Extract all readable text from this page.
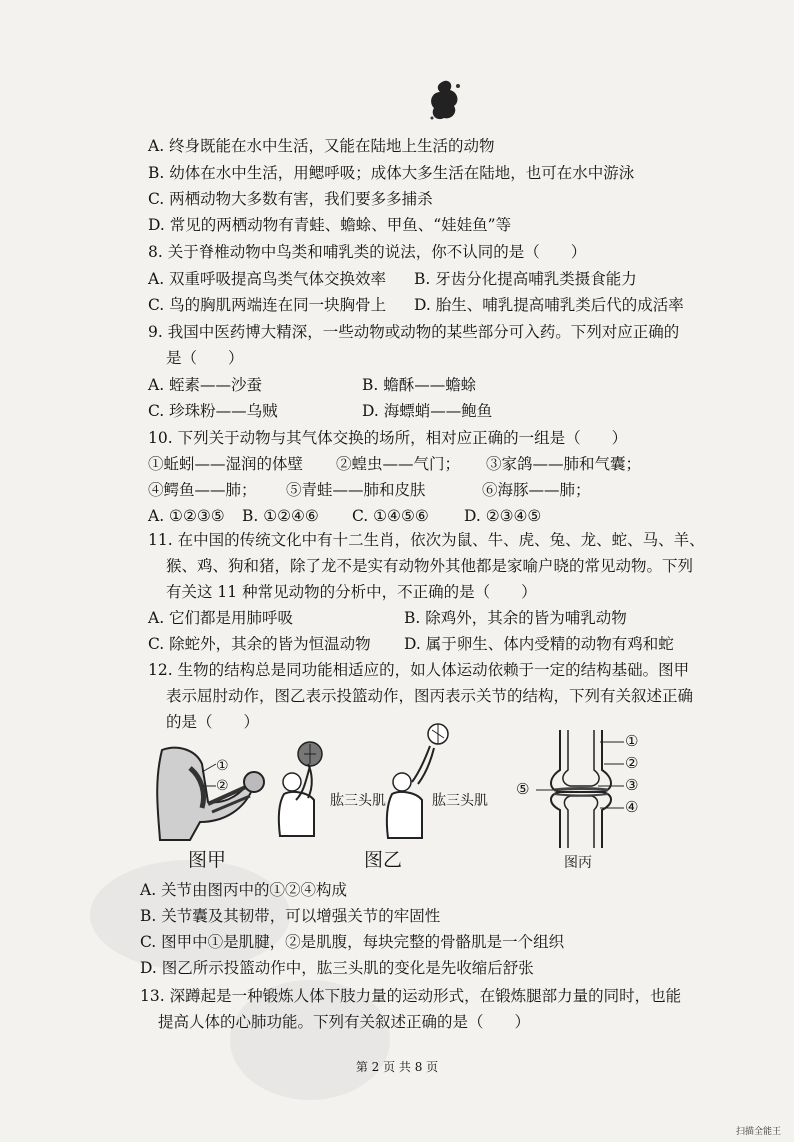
A. 终身既能在水中生活，又能在陆地上生活的动物
B. 幼体在水中生活，用鳃呼吸；成体大多生活在陆地，也可在水中游泳
C. 两栖动物大多数有害，我们要多多捕杀
D. 常见的两栖动物有青蛙、蟾蜍、甲鱼、“娃娃鱼”等
8. 关于脊椎动物中鸟类和哺乳类的说法，你不认同的是（　　）
A. 双重呼吸提高鸟类气体交换效率 B. 牙齿分化提高哺乳类摄食能力
C. 鸟的胸肌两端连在同一块胸骨上 D. 胎生、哺乳提高哺乳类后代的成活率
9. 我国中医药博大精深，一些动物或动物的某些部分可入药。下列对应正确的
是（　　）
A. 蛭素——沙蚕	B. 蟾酥——蟾蜍
C. 珍珠粉——乌贼	D. 海螵蛸——鲍鱼
10. 下列关于动物与其气体交换的场所，相对应正确的一组是（　　）
①蚯蚓——湿润的体壁 ②蝗虫——气门； ③家鸽——肺和气囊；
④鳄鱼——肺； ⑤青蛙——肺和皮肤	⑥海豚——肺；
A. ①②③⑤ B. ①②④⑥ C. ①④⑤⑥ D. ②③④⑤
11. 在中国的传统文化中有十二生肖，依次为鼠、牛、虎、兔、龙、蛇、马、羊、
猴、鸡、狗和猪，除了龙不是实有动物外其他都是家喻户晓的常见动物。下列
有关这 11 种常见动物的分析中，不正确的是（　　）
A. 它们都是用肺呼吸	B. 除鸡外，其余的皆为哺乳动物
C. 除蛇外，其余的皆为恒温动物 D. 属于卵生、体内受精的动物有鸡和蛇
12. 生物的结构总是同功能相适应的，如人体运动依赖于一定的结构基础。图甲
表示屈肘动作，图乙表示投篮动作，图丙表示关节的结构，下列有关叙述正确
的是（　　）
①
②
图甲
肱三头肌	肱三头肌
图乙
①
②
③
④
⑤
图丙
A. 关节由图丙中的①②④构成
B. 关节囊及其韧带，可以增强关节的牢固性
C. 图甲中①是肌腱，②是肌腹，每块完整的骨骼肌是一个组织
D. 图乙所示投篮动作中，肱三头肌的变化是先收缩后舒张
13. 深蹲起是一种锻炼人体下肢力量的运动形式，在锻炼腿部力量的同时，也能
提高人体的心肺功能。下列有关叙述正确的是（　　）
第 2 页 共 8 页
扫描全能王
